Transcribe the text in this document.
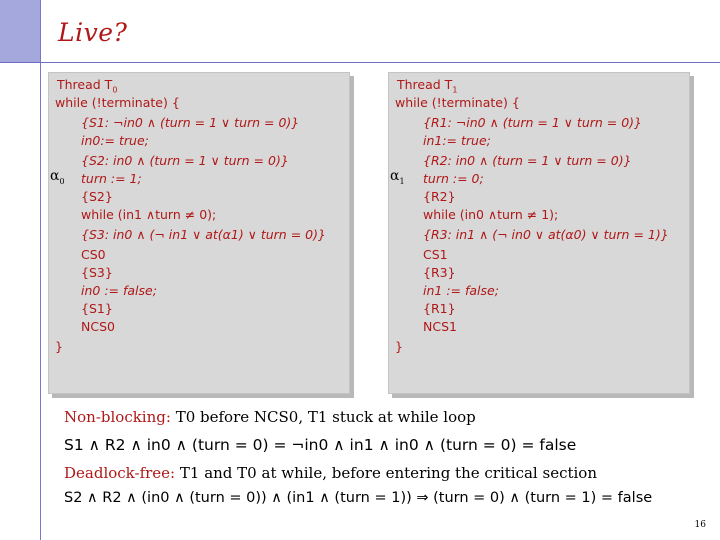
Live?
Thread $T_0$
while (!terminate) {
{S1: ¬in0 ∧ (turn = 1 ∨ turn = 0)}
in0:= true;
{S2: in0 ∧ (turn = 1 ∨ turn = 0)}
turn := 1;
{S2}
while (in1 ∧turn ≠ 0);
{S3: in0 ∧ (¬ in1 ∨ at(α1) ∨ turn = 0)}
CS0
{S3}
in0 := false;
{S1}
NCS0
}
$\alpha_0$
Thread $T_1$
while (!terminate) {
{R1: ¬in0 ∧ (turn = 1 ∨ turn = 0)}
in1:= true;
{R2: in0 ∧ (turn = 1 ∨ turn = 0)}
turn := 0;
{R2}
while (in0 ∧turn ≠ 1);
{R3: in1 ∧ (¬ in0 ∨ at(α0) ∨ turn = 1)}
CS1
{R3}
in1 := false;
{R1}
NCS1
}
$\alpha_1$
Non-blocking: T0 before NCS0, T1 stuck at while loop
S1 ∧ R2 ∧ in0 ∧ (turn = 0) = ¬in0 ∧ in1 ∧ in0 ∧ (turn = 0) = false
Deadlock-free: T1 and T0 at while, before entering the critical section
S2 ∧ R2 ∧ (in0 ∧ (turn = 0)) ∧ (in1 ∧ (turn = 1)) ⇒ (turn = 0) ∧ (turn = 1) = false
16
